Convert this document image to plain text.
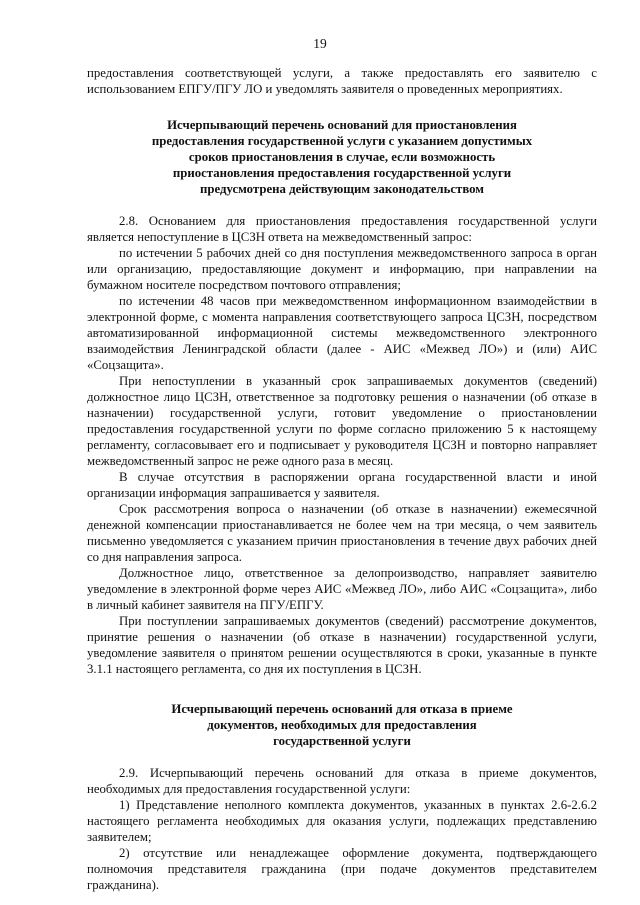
19

предоставления соответствующей услуги, а также предоставлять его заявителю с использованием ЕПГУ/ПГУ ЛО и уведомлять заявителя о проведенных мероприятиях.

Исчерпывающий перечень оснований для приостановления

предоставления государственной услуги с указанием допустимых

сроков приостановления в случае, если возможность

приостановления предоставления государственной услуги

предусмотрена действующим законодательством

2.8. Основанием для приостановления предоставления государственной услуги является непоступление в ЦСЗН ответа на межведомственный запрос:

по истечении 5 рабочих дней со дня поступления межведомственного запроса в орган или организацию, предоставляющие документ и информацию, при направлении на бумажном носителе посредством почтового отправления;

по истечении 48 часов при межведомственном информационном взаимодействии в электронной форме, с момента направления соответствующего запроса ЦСЗН, посредством автоматизированной информационной системы межведомственного электронного взаимодействия Ленинградской области (далее - АИС «Межвед ЛО») и (или) АИС «Соцзащита».

При непоступлении в указанный срок запрашиваемых документов (сведений) должностное лицо ЦСЗН, ответственное за подготовку решения о назначении (об отказе в назначении) государственной услуги, готовит уведомление о приостановлении предоставления государственной услуги по форме согласно приложению 5 к настоящему регламенту, согласовывает его и подписывает у руководителя ЦСЗН и повторно направляет межведомственный запрос не реже одного раза в месяц.

В случае отсутствия в распоряжении органа государственной власти и иной организации информация запрашивается у заявителя.

Срок рассмотрения вопроса о назначении (об отказе в назначении) ежемесячной денежной компенсации приостанавливается не более чем на три месяца, о чем заявитель письменно уведомляется с указанием причин приостановления в течение двух рабочих дней со дня направления запроса.

Должностное лицо, ответственное за делопроизводство, направляет заявителю уведомление в электронной форме через АИС «Межвед ЛО», либо АИС «Соцзащита», либо в личный кабинет заявителя на ПГУ/ЕПГУ.

При поступлении запрашиваемых документов (сведений) рассмотрение документов, принятие решения о назначении (об отказе в назначении) государственной услуги, уведомление заявителя о принятом решении осуществляются в сроки, указанные в пункте 3.1.1 настоящего регламента, со дня их поступления в ЦСЗН.

Исчерпывающий перечень оснований для отказа в приеме

документов, необходимых для предоставления

государственной услуги

2.9. Исчерпывающий перечень оснований для отказа в приеме документов, необходимых для предоставления государственной услуги:

1) Представление неполного комплекта документов, указанных в пунктах 2.6-2.6.2 настоящего регламента необходимых для оказания услуги, подлежащих представлению заявителем;

2) отсутствие или ненадлежащее оформление документа, подтверждающего полномочия представителя гражданина (при подаче документов представителем гражданина).
